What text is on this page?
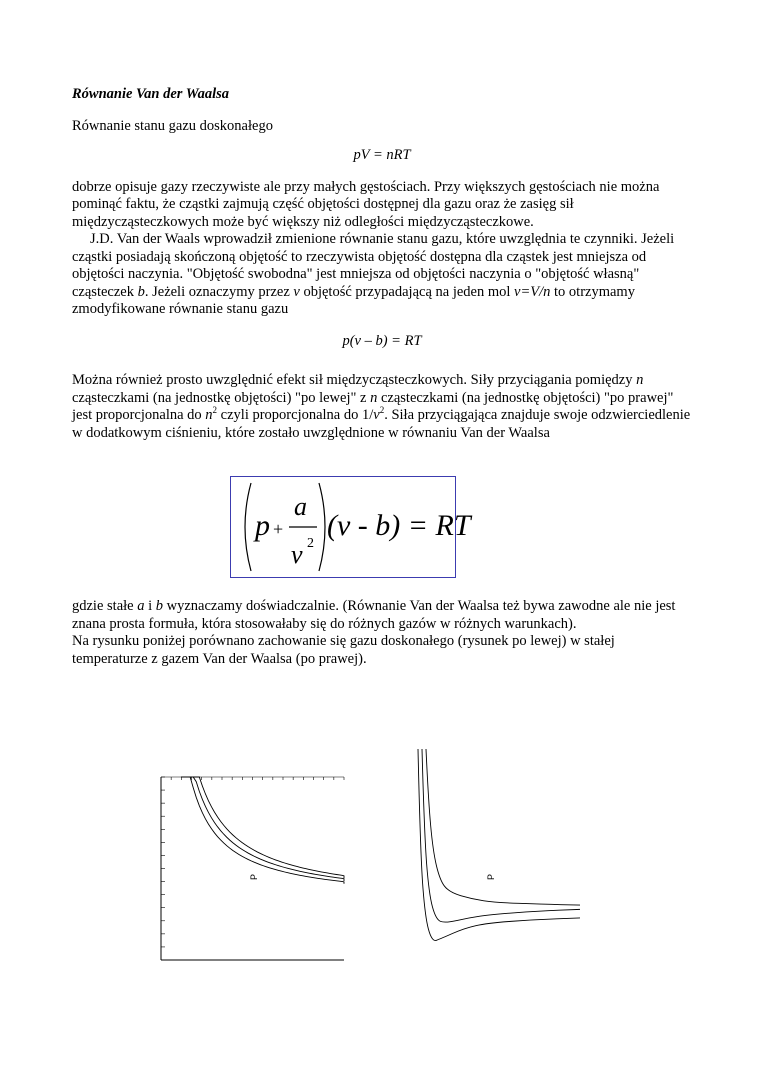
Równanie Van der Waalsa

Równanie stanu gazu doskonałego

pV = nRT

dobrze opisuje gazy rzeczywiste ale przy małych gęstościach. Przy większych gęstościach nie można pominąć faktu, że cząstki zajmują część objętości dostępnej dla gazu oraz że zasięg sił międzycząsteczkowych może być większy niż odległości międzycząsteczkowe.

J.D. Van der Waals wprowadził zmienione równanie stanu gazu, które uwzględnia te czynniki. Jeżeli cząstki posiadają skończoną objętość to rzeczywista objętość dostępna dla cząstek jest mniejsza od objętości naczynia. "Objętość swobodna" jest mniejsza od objętości naczynia o "objętość własną" cząsteczek b. Jeżeli oznaczymy przez v objętość przypadającą na jeden mol v=V/n to otrzymamy zmodyfikowane równanie stanu gazu

p(v – b) = RT

Można również prosto uwzględnić efekt sił międzycząsteczkowych. Siły przyciągania pomiędzy n cząsteczkami (na jednostkę objętości) "po lewej" z n cząsteczkami (na jednostkę objętości) "po prawej" jest proporcjonalna do $n^2$ czyli proporcjonalna do $1/v^2$. Siła przyciągająca znajduje swoje odzwierciedlenie w dodatkowym ciśnieniu, które zostało uwzględnione w równaniu Van der Waalsa

p +
a
v 2
(v - b) = RT

gdzie stałe a i b wyznaczamy doświadczalnie. (Równanie Van der Waalsa też bywa zawodne ale nie jest znana prosta formuła, która stosowałaby się do różnych gazów w różnych warunkach).

Na rysunku poniżej porównano zachowanie się gazu doskonałego (rysunek po lewej) w stałej temperaturze z gazem Van der Waalsa (po prawej).

P	P
